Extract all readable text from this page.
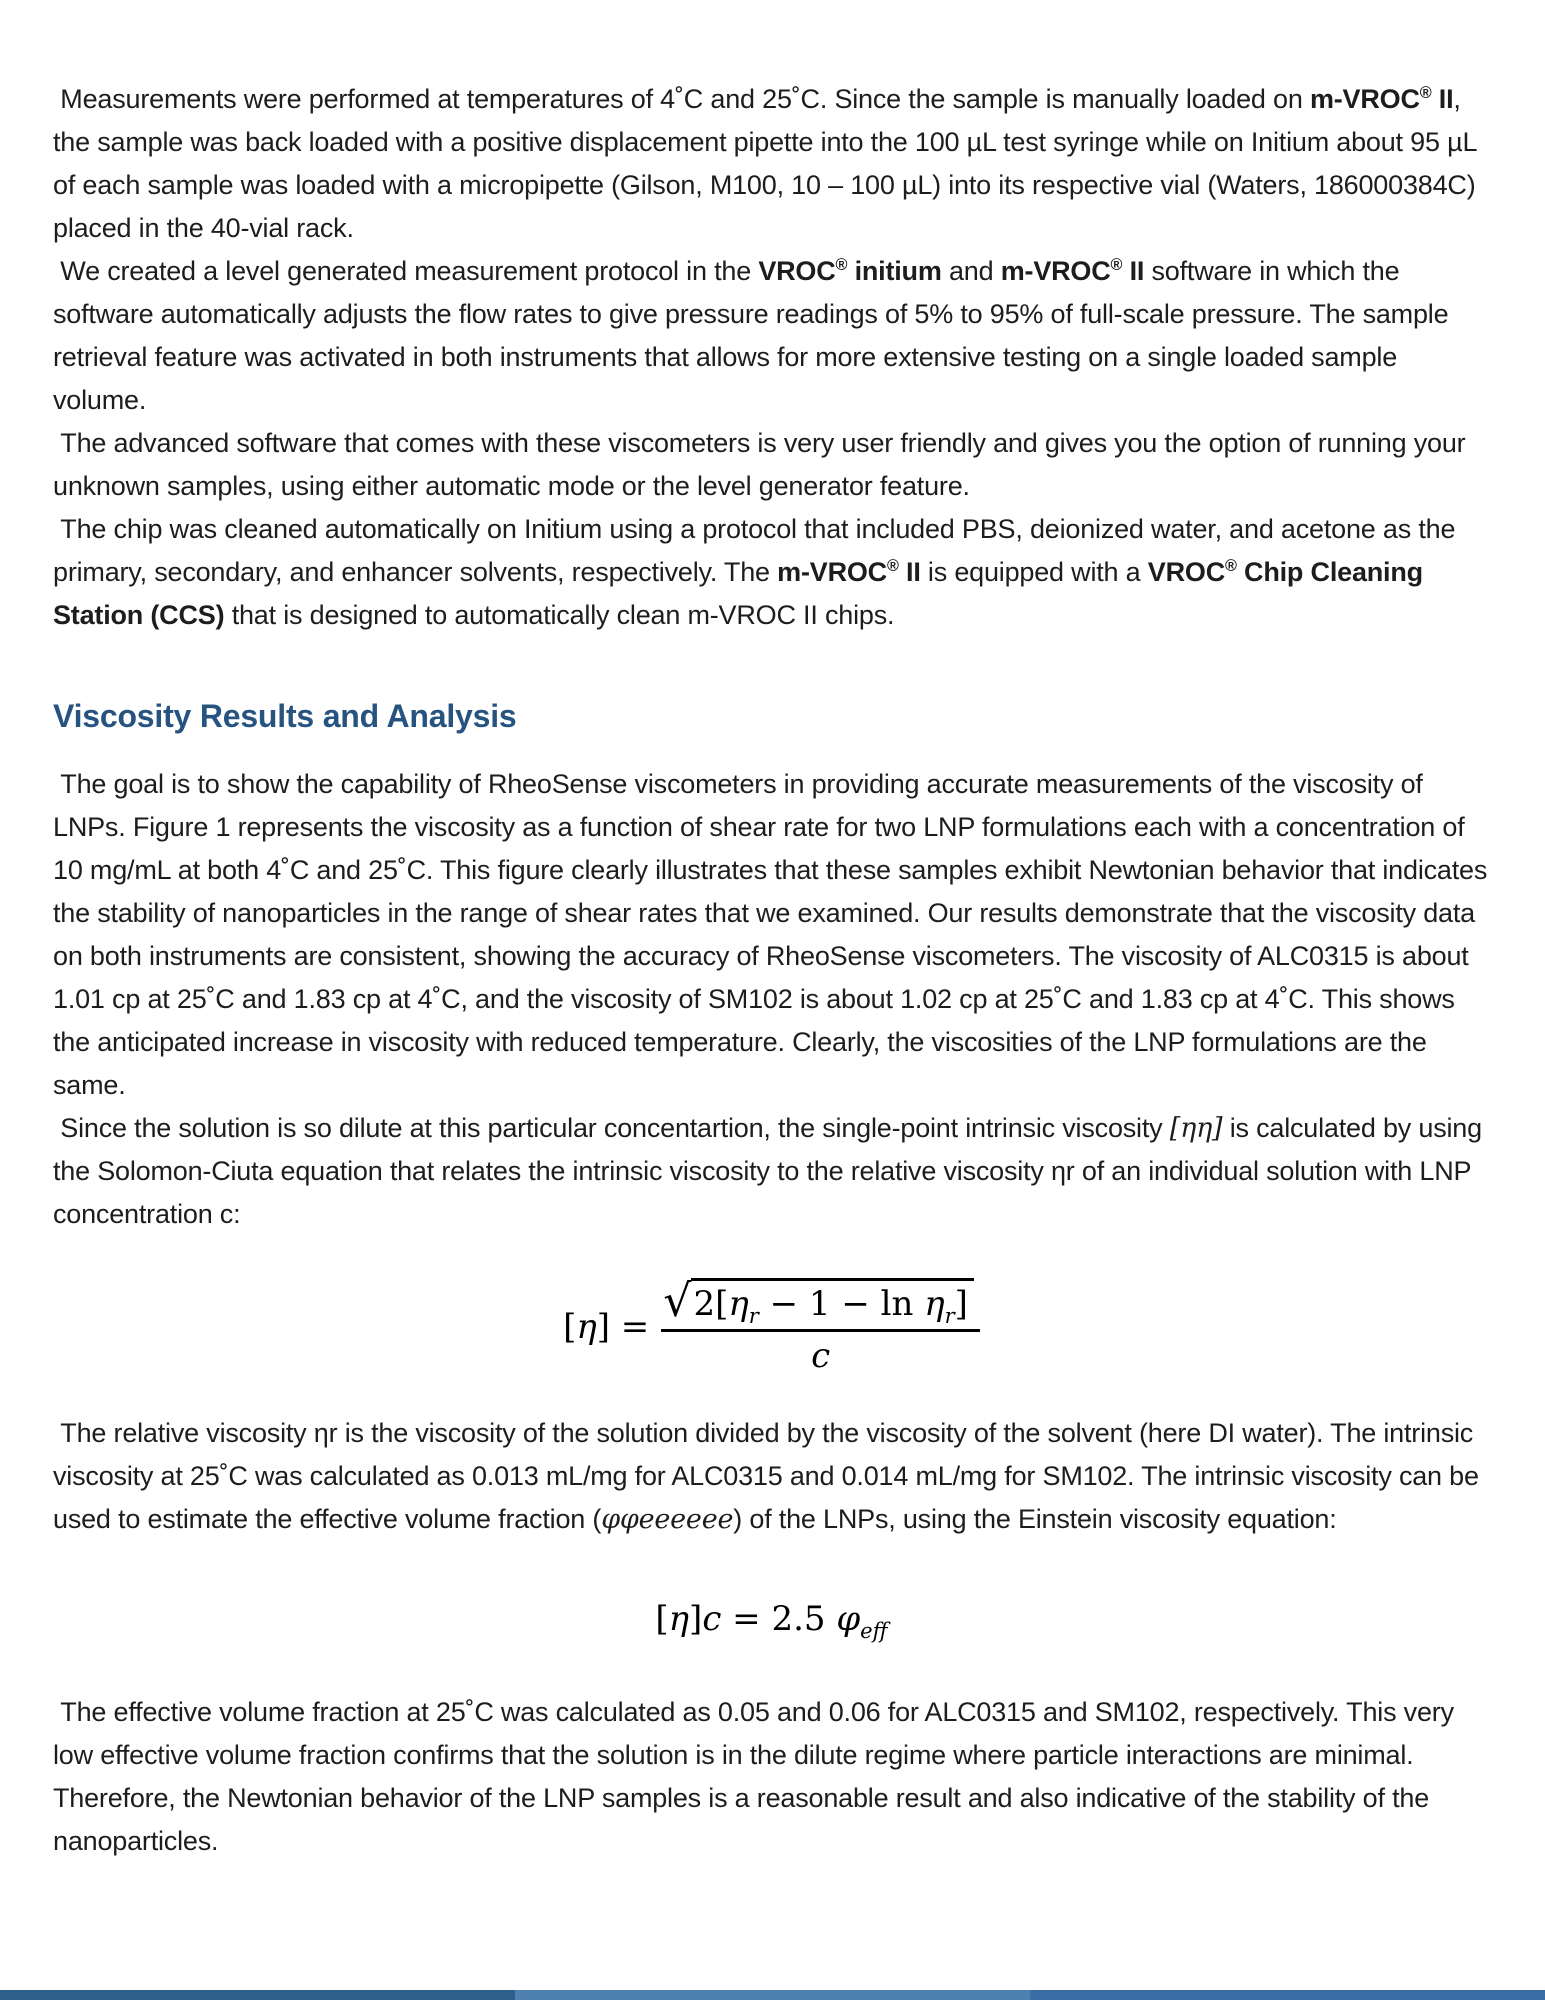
Measurements were performed at temperatures of 4˚C and 25˚C. Since the sample is manually loaded on m-VROC® II, the sample was back loaded with a positive displacement pipette into the 100 µL test syringe while on Initium about 95 µL of each sample was loaded with a micropipette (Gilson, M100, 10 – 100 µL) into its respective vial (Waters, 186000384C) placed in the 40-vial rack.

We created a level generated measurement protocol in the VROC® initium and m-VROC® II software in which the software automatically adjusts the flow rates to give pressure readings of 5% to 95% of full-scale pressure. The sample retrieval feature was activated in both instruments that allows for more extensive testing on a single loaded sample volume.

The advanced software that comes with these viscometers is very user friendly and gives you the option of running your unknown samples, using either automatic mode or the level generator feature.

The chip was cleaned automatically on Initium using a protocol that included PBS, deionized water, and acetone as the primary, secondary, and enhancer solvents, respectively. The m-VROC® II is equipped with a VROC® Chip Cleaning Station (CCS) that is designed to automatically clean m-VROC II chips.

Viscosity Results and Analysis

The goal is to show the capability of RheoSense viscometers in providing accurate measurements of the viscosity of LNPs. Figure 1 represents the viscosity as a function of shear rate for two LNP formulations each with a concentration of 10 mg/mL at both 4˚C and 25˚C. This figure clearly illustrates that these samples exhibit Newtonian behavior that indicates the stability of nanoparticles in the range of shear rates that we examined. Our results demonstrate that the viscosity data on both instruments are consistent, showing the accuracy of RheoSense viscometers. The viscosity of ALC0315 is about 1.01 cp at 25˚C and 1.83 cp at 4˚C, and the viscosity of SM102 is about 1.02 cp at 25˚C and 1.83 cp at 4˚C. This shows the anticipated increase in viscosity with reduced temperature. Clearly, the viscosities of the LNP formulations are the same.

Since the solution is so dilute at this particular concentartion, the single-point intrinsic viscosity [ηη] is calculated by using the Solomon-Ciuta equation that relates the intrinsic viscosity to the relative viscosity ηr of an individual solution with LNP concentration c:

$[\eta] = \frac{√ 2[\eta_r - 1 - \ln \eta_r]}{c}$

The relative viscosity ηr is the viscosity of the solution divided by the viscosity of the solvent (here DI water). The intrinsic viscosity at 25˚C was calculated as 0.013 mL/mg for ALC0315 and 0.014 mL/mg for SM102. The intrinsic viscosity can be used to estimate the effective volume fraction (φφeeeeee) of the LNPs, using the Einstein viscosity equation:

[η]c = 2.5 $\varphi_{eff}$

The effective volume fraction at 25˚C was calculated as 0.05 and 0.06 for ALC0315 and SM102, respectively. This very low effective volume fraction confirms that the solution is in the dilute regime where particle interactions are minimal. Therefore, the Newtonian behavior of the LNP samples is a reasonable result and also indicative of the stability of the nanoparticles.
